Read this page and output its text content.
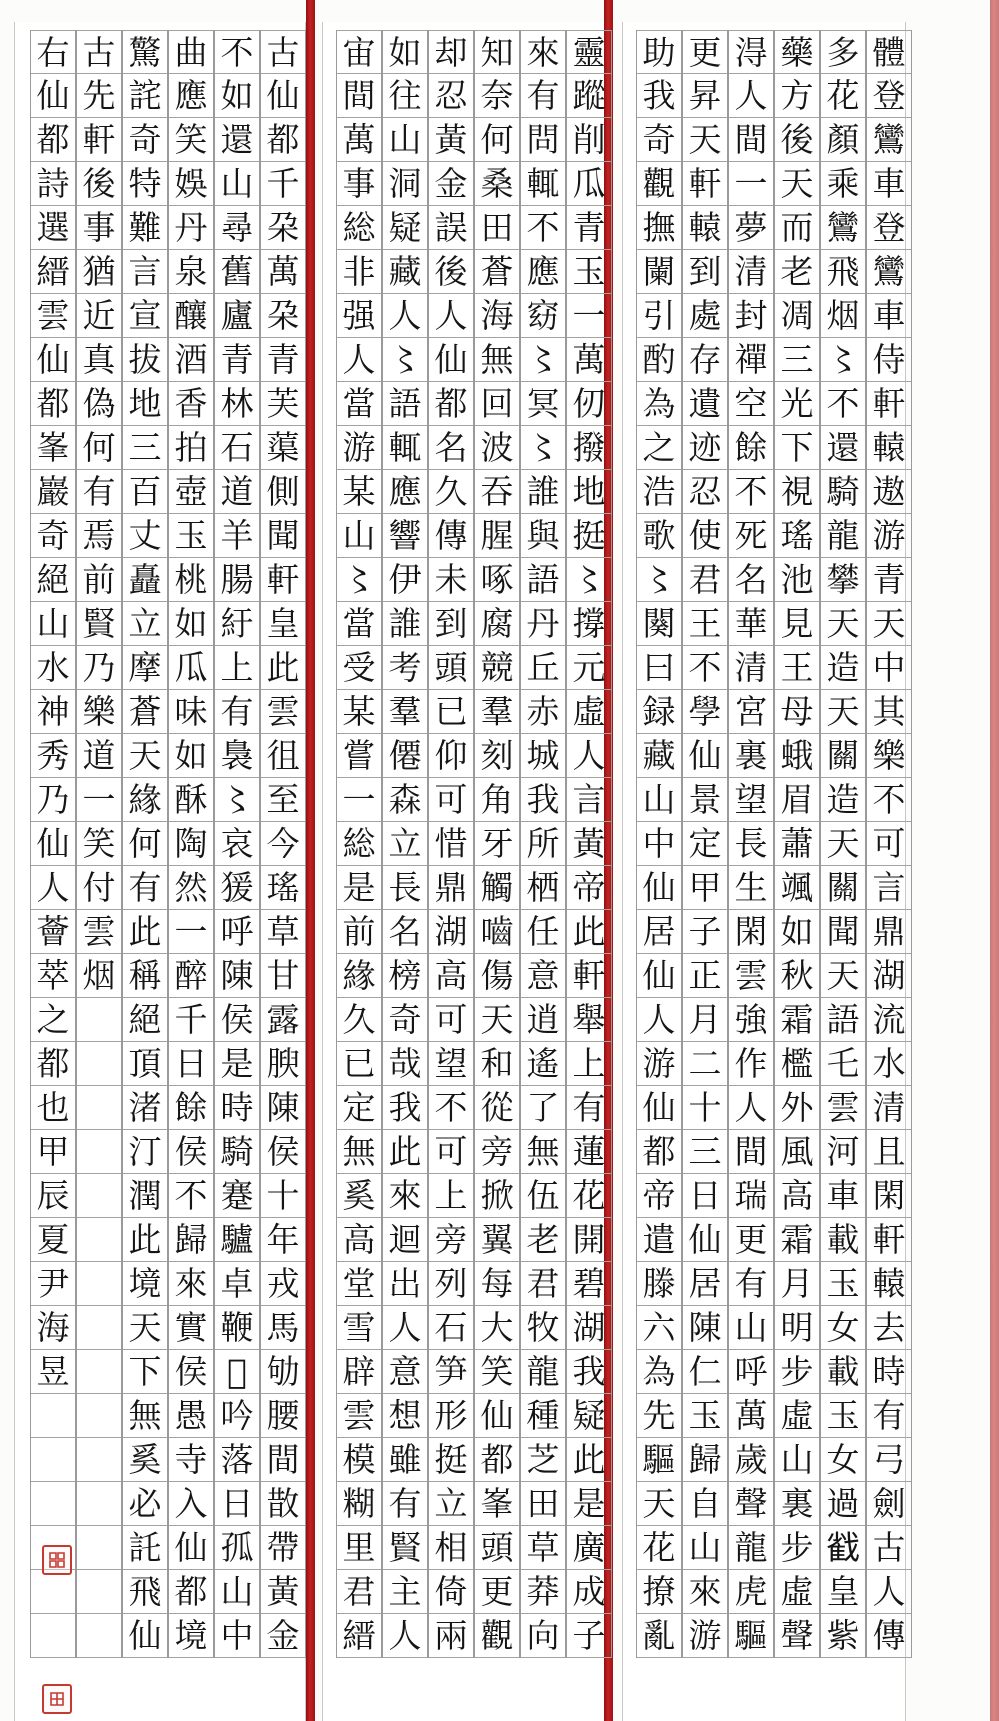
古
仙
都
千
朶
萬
朶
青
芙
蕖
側
聞
軒
皇
此
雲
徂
至
今
瑤
草
甘
露
腴
陳
侯
十
年
戎
馬
劬
腰
間
㪚
帶
黃
金
不
如
還
山
尋
舊
廬
青
林
石
道
羊
腸
紆
上
有
裊
〻
哀
猨
呼
陳
侯
是
時
騎
蹇
驢
卓
鞭
𢿱
吟
落
日
孤
山
中
曲
應
笑
娛
丹
泉
釀
酒
香
拍
壺
玉
桃
如
瓜
味
如
酥
陶
然
一
醉
千
日
餘
侯
不
歸
來
實
侯
愚
寺
入
仙
都
境
驚
詫
奇
特
難
言
宣
拔
地
三
百
丈
矗
立
摩
蒼
天
緣
何
有
此
稱
絕
頂
渚
汀
潤
此
境
天
下
無
奚
必
託
飛
仙
古
先
軒
後
事
猶
近
真
偽
何
有
焉
前
賢
乃
樂
道
一
笑
付
雲
烟
右
仙
都
詩
選
縉
雲
仙
都
峯
巖
奇
絕
山
水
神
秀
乃
仙
人
薈
萃
之
都
也
甲
辰
夏
尹
海
昱
靈
蹤
削
瓜
青
玉
一
萬
仞
撥
地
挺
〻
撐
元
虛
人
言
黃
帝
此
軒
舉
上
有
蓮
花
開
碧
湖
我
疑
此
是
廣
成
子
來
有
問
輒
不
應
窈
〻
冥
〻
誰
與
語
丹
丘
赤
城
我
所
栖
任
意
逍
遙
了
無
伍
老
君
牧
龍
種
芝
田
草
莽
向
知
奈
何
桑
田
蒼
海
無
回
波
吞
腥
啄
腐
競
羣
刻
角
牙
觸
嚙
傷
天
和
從
旁
掀
翼
每
大
笑
仙
都
峯
頭
更
觀
却
忍
黃
金
誤
後
人
仙
都
名
久
傳
未
到
頭
已
仰
可
惜
鼎
湖
高
可
望
不
可
上
旁
列
石
笋
形
挺
立
相
倚
兩
如
往
山
洞
疑
藏
人
〻
語
輒
應
響
伊
誰
考
羣
僊
森
立
長
名
榜
奇
哉
我
此
來
迴
出
人
意
想
雖
有
賢
主
人
宙
間
萬
事
総
非
强
人
當
游
某
山
〻
當
受
某
嘗
一
総
是
前
緣
久
已
定
無
奚
高
堂
雪
辟
雲
模
糊
里
君
縉
體
登
鸞
車
登
鸞
車
侍
軒
轅
遨
游
青
天
中
其
樂
不
可
言
鼎
湖
流
水
清
且
閑
軒
轅
去
時
有
弓
劍
古
人
傳
多
花
顏
乘
鸞
飛
烟
〻
不
還
騎
龍
攀
天
造
天
關
造
天
關
聞
天
語
乇
雲
河
車
載
玉
女
載
玉
女
過
𢧵
皇
紫
藥
方
後
天
而
老
凋
三
光
下
視
瑤
池
見
王
母
蛾
眉
蕭
颯
如
秋
霜
檻
外
風
高
霜
月
明
步
虛
山
裏
步
虛
聲
淂
人
間
一
夢
清
封
禪
空
餘
不
死
名
華
清
宮
裏
望
長
生
閑
雲
強
作
人
間
瑞
更
有
山
呼
萬
歲
聲
龍
虎
驅
更
昇
天
軒
轅
到
處
存
遺
迹
忍
使
君
王
不
學
仙
景
定
甲
子
正
月
二
十
三
日
仙
居
陳
仁
玉
歸
自
山
來
游
助
我
奇
觀
撫
闌
引
酌
為
之
浩
歌
〻
闋
曰
録
藏
山
中
仙
居
仙
人
游
仙
都
帝
遣
滕
六
為
先
驅
天
花
撩
亂
